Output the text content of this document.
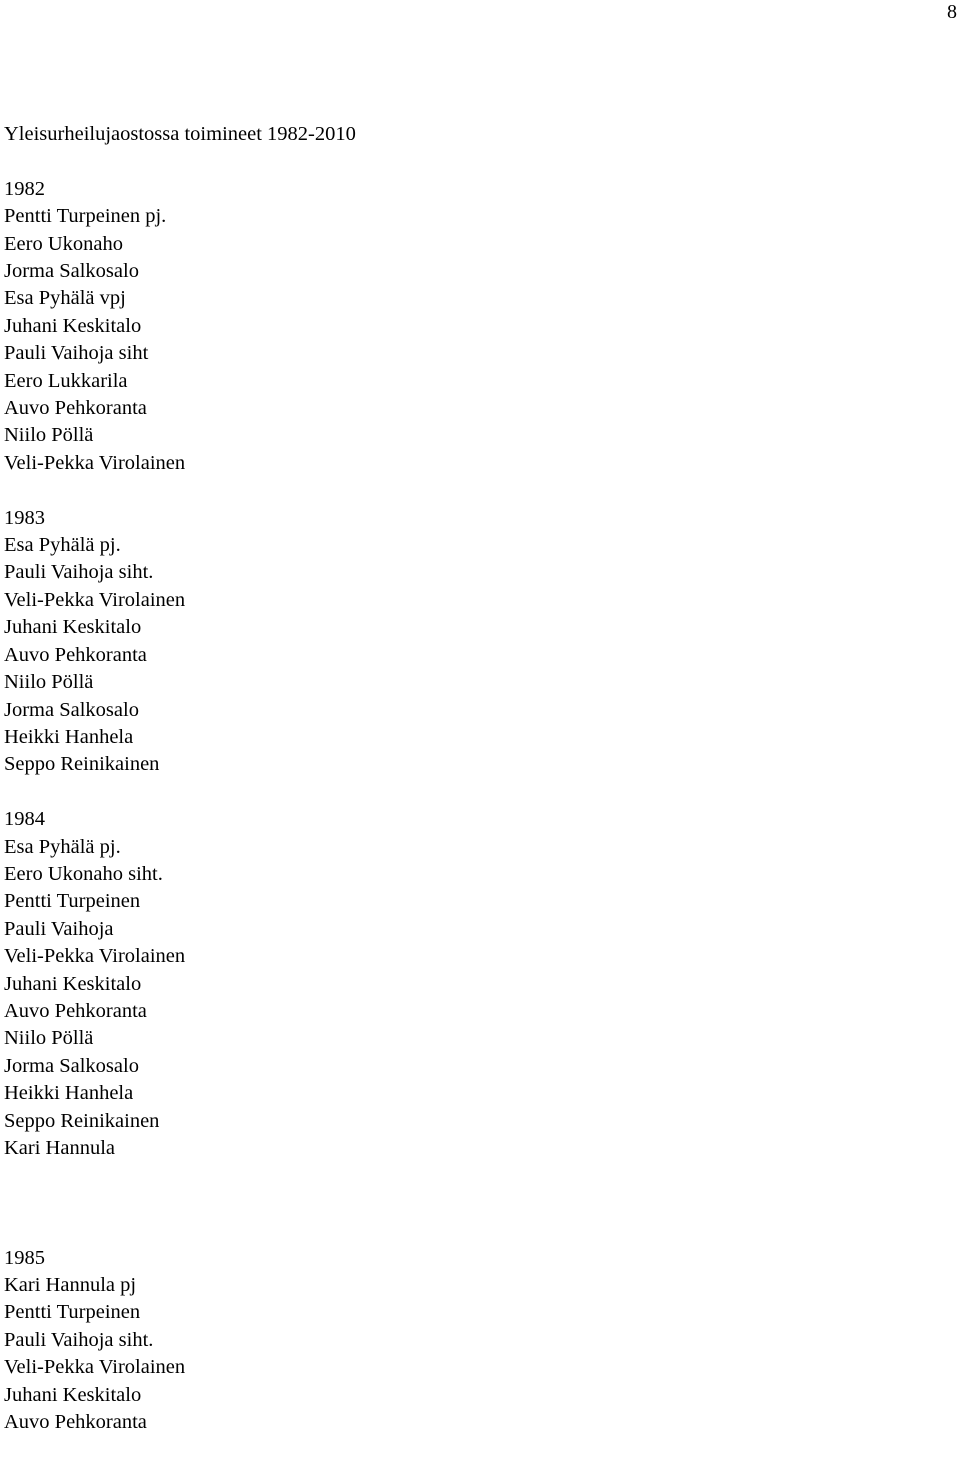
8
Yleisurheilujaostossa toimineet 1982-2010
1982
Pentti Turpeinen pj.
Eero Ukonaho
Jorma Salkosalo
Esa Pyhälä vpj
Juhani Keskitalo
Pauli Vaihoja siht
Eero Lukkarila
Auvo Pehkoranta
Niilo Pöllä
Veli-Pekka Virolainen
1983
Esa Pyhälä pj.
Pauli Vaihoja siht.
Veli-Pekka Virolainen
Juhani Keskitalo
Auvo Pehkoranta
Niilo Pöllä
Jorma Salkosalo
Heikki Hanhela
Seppo Reinikainen
1984
Esa Pyhälä pj.
Eero Ukonaho siht.
Pentti Turpeinen
Pauli Vaihoja
Veli-Pekka Virolainen
Juhani Keskitalo
Auvo Pehkoranta
Niilo Pöllä
Jorma Salkosalo
Heikki Hanhela
Seppo Reinikainen
Kari Hannula
1985
Kari Hannula pj
Pentti Turpeinen
Pauli Vaihoja siht.
Veli-Pekka Virolainen
Juhani Keskitalo
Auvo Pehkoranta
